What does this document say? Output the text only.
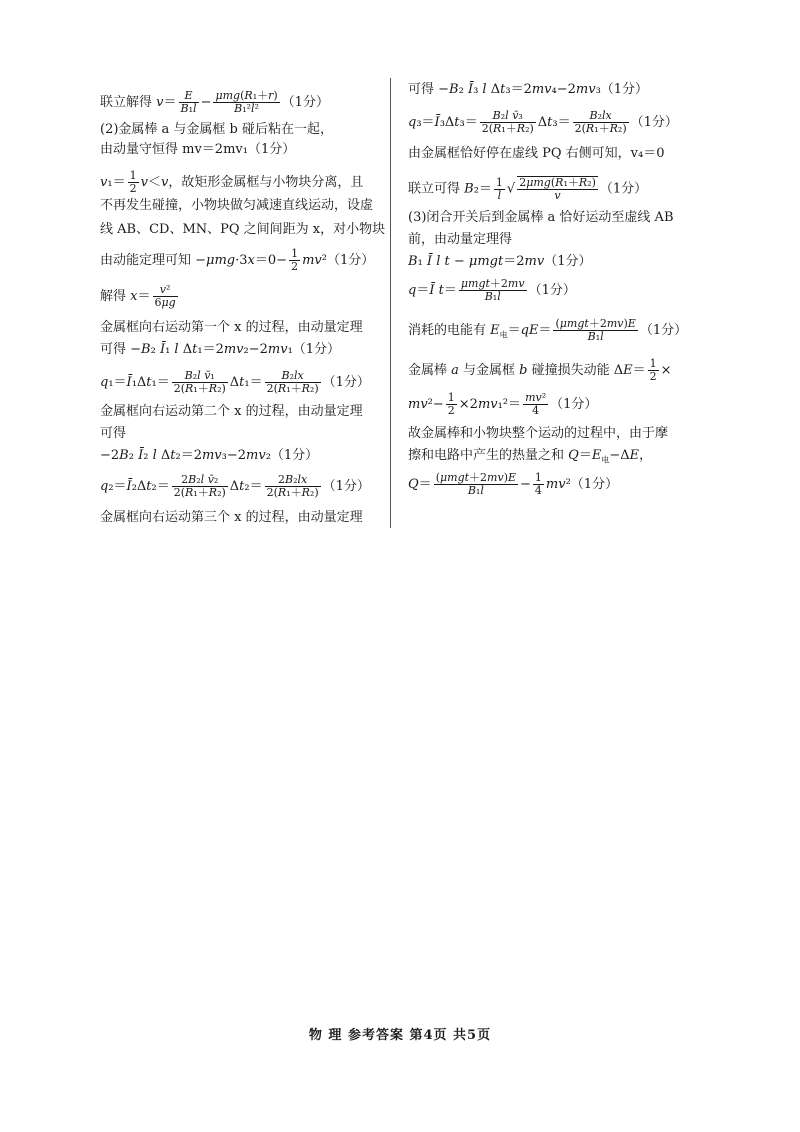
联立解得 $v= \frac{E}{\text{B₁l}} - \frac{\text{μmg(R₁＋r)}}{\text{B₁²l²}} (1$分）
(2)金属棒 a 与金属框 b 碰后粘在一起，
由动量守恒得 mv＝2mv₁（1分）
$v_1= \frac{1}{2} v<v$，故矩形金属框与小物块分离，且
不再发生碰撞，小物块做匀减速直线运动，设虚
线 AB、CD、MN、PQ 之间间距为 x，对小物块
由动能定理可知 $-\mu mg\cdot 3x=0- \frac{1}{2} mv^2(1$分）
解得 $x= \frac{\text{v²}}{6\mu g}$
金属框向右运动第一个 x 的过程，由动量定理
可得 −B₂ Ī₁ l Δt₁＝2mv₂−2mv₁（1分）
q₁＝Ī₁Δt₁＝ $\frac{\text{B₂l v̄₁}}{\text{2(R₁＋R₂)}} \Delta t_1= \frac{\text{B₂lx}}{\text{2(R₁＋R₂)}} (1$分）
金属框向右运动第二个 x 的过程，由动量定理
可得
−2B₂ Ī₂ l Δt₂＝2mv₃−2mv₂（1分）
q₂＝Ī₂Δt₂＝ $\frac{\text{2B₂l v̄₂}}{\text{2(R₁＋R₂)}} \Delta t_2= \frac{\text{2B₂lx}}{\text{2(R₁＋R₂)}} (1$分）
金属框向右运动第三个 x 的过程，由动量定理
可得 −B₂ Ī₃ l Δt₃＝2mv₄−2mv₃（1分）
q₃＝Ī₃Δt₃＝ $\frac{\text{B₂l v̄₃}}{\text{2(R₁＋R₂)}} \Delta t_3= \frac{\text{B₂lx}}{\text{2(R₁＋R₂)}} (1$分）
由金属框恰好停在虚线 PQ 右侧可知，v₄＝0
联立可得 $B_2= \frac{1}{l}$ √ $\frac{\text{2μmg(R₁＋R₂)}}{v} (1$分）
(3)闭合开关后到金属棒 a 恰好运动至虚线 AB
前，由动量定理得
B₁ Ī l t − μmgt＝2mv（1分）
q＝Ī $t= \frac{\text{μmgt＋2mv}}{\text{B₁l}} (1$分）
消耗的电能有 $E_电=qE= \frac{\text{(μmgt＋2mv)E}}{\text{B₁l}} (1$分）
金属棒 a 与金属框 b 碰撞损失动能 $\Delta E= \frac{1}{2}$ ×
$mv^2- \frac{1}{2} \times 2mv_1^2= \frac{\text{mv²}}{4} (1$分）
故金属棒和小物块整个运动的过程中，由于摩
擦和电路中产生的热量之和 $Q=E_电-\Delta E$，
$Q= \frac{\text{(μmgt＋2mv)E}}{\text{B₁l}} - \frac{1}{4} mv^2(1$分）
物 理 参考答案 第4页 共5页
